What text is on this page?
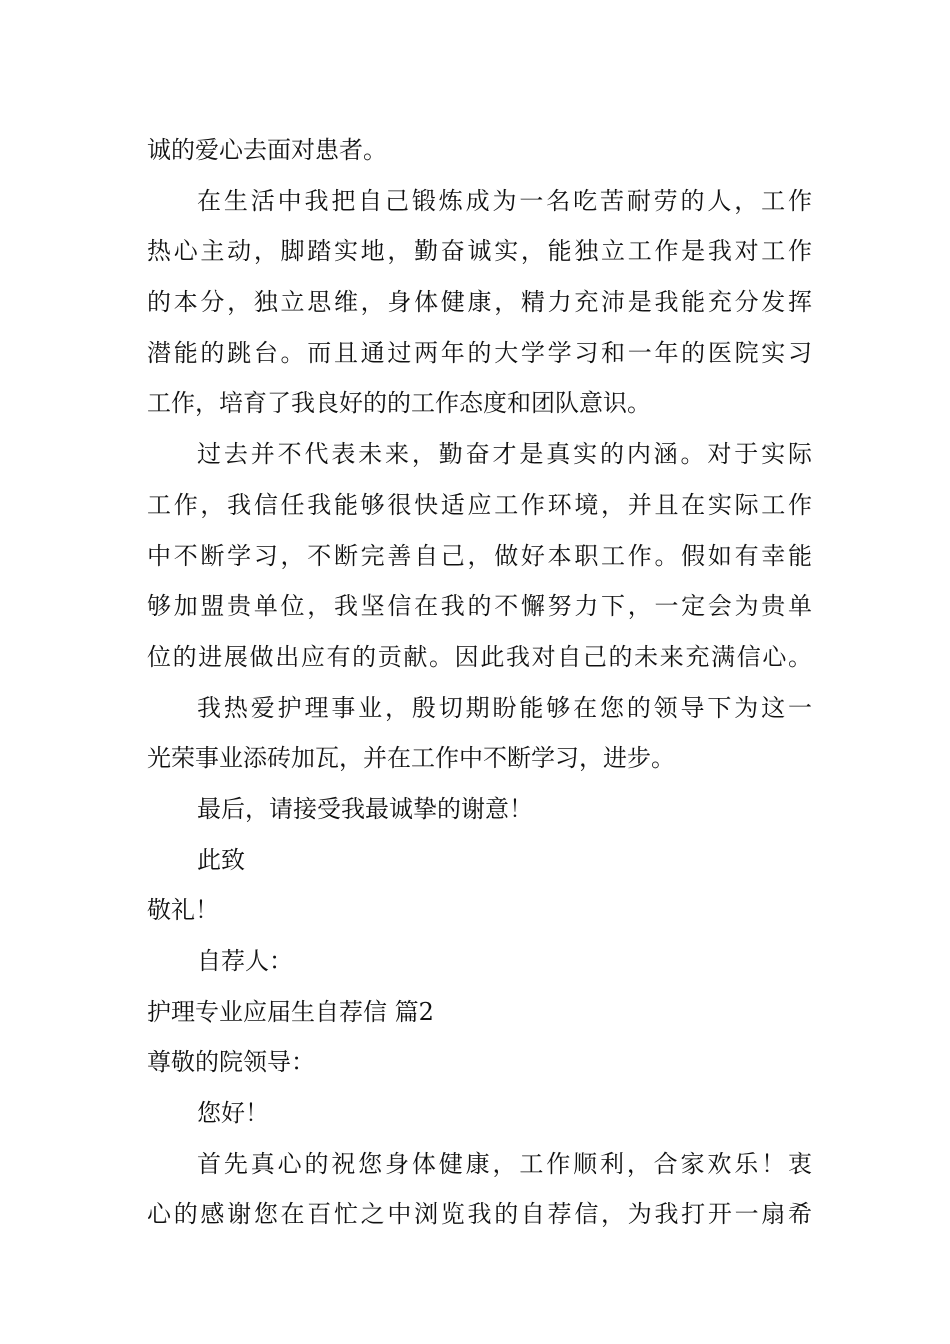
诚的爱心去面对患者。
在生活中我把自己锻炼成为一名吃苦耐劳的人，工作
热心主动，脚踏实地，勤奋诚实，能独立工作是我对工作
的本分，独立思维，身体健康，精力充沛是我能充分发挥
潜能的跳台。而且通过两年的大学学习和一年的医院实习
工作，培育了我良好的的工作态度和团队意识。
过去并不代表未来，勤奋才是真实的内涵。对于实际
工作，我信任我能够很快适应工作环境，并且在实际工作
中不断学习，不断完善自己，做好本职工作。假如有幸能
够加盟贵单位，我坚信在我的不懈努力下，一定会为贵单
位的进展做出应有的贡献。因此我对自己的未来充满信心。
我热爱护理事业，殷切期盼能够在您的领导下为这一
光荣事业添砖加瓦，并在工作中不断学习，进步。
最后，请接受我最诚挚的谢意！
此致
敬礼！
自荐人：
护理专业应届生自荐信 篇2
尊敬的院领导：
您好！
首先真心的祝您身体健康，工作顺利，合家欢乐！衷
心的感谢您在百忙之中浏览我的自荐信，为我打开一扇希
